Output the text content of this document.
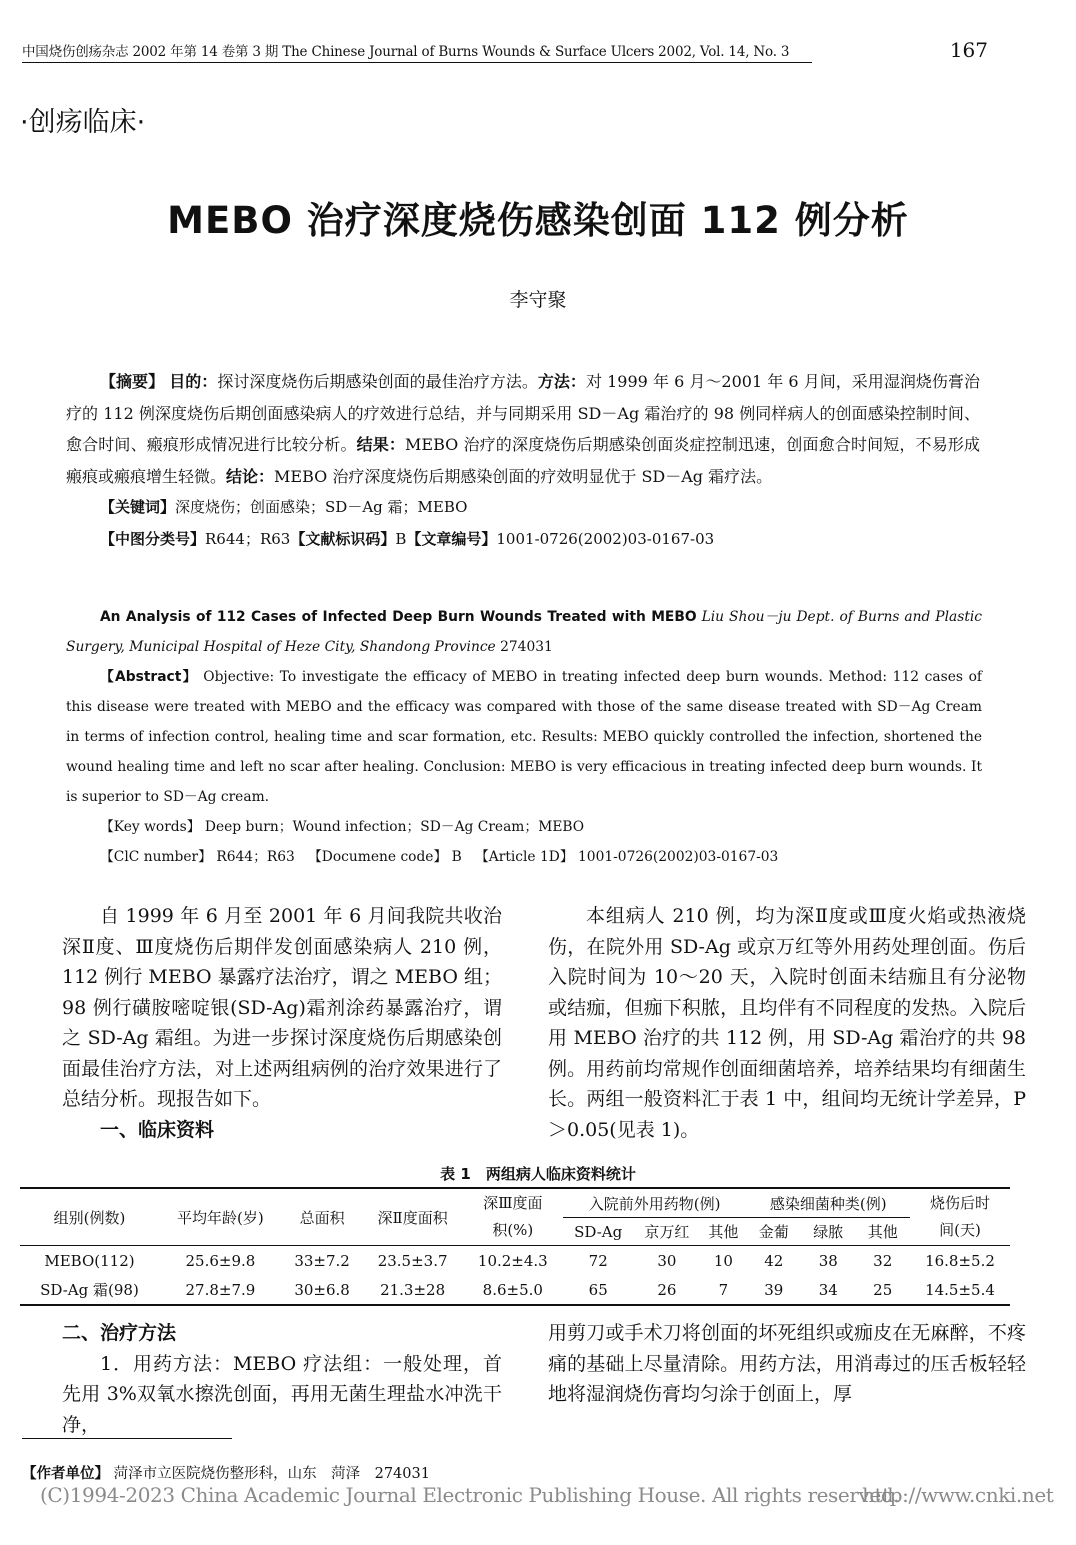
中国烧伤创疡杂志 2002 年第 14 卷第 3 期 The Chinese Journal of Burns Wounds & Surface Ulcers 2002, Vol. 14, No. 3	167
·创疡临床·
MEBO 治疗深度烧伤感染创面 112 例分析
李守聚

【摘要】 目的：探讨深度烧伤后期感染创面的最佳治疗方法。方法：对 1999 年 6 月～2001 年 6 月间，采用湿润烧伤膏治疗的 112 例深度烧伤后期创面感染病人的疗效进行总结，并与同期采用 SD－Ag 霜治疗的 98 例同样病人的创面感染控制时间、愈合时间、瘢痕形成情况进行比较分析。结果：MEBO 治疗的深度烧伤后期感染创面炎症控制迅速，创面愈合时间短，不易形成瘢痕或瘢痕增生轻微。结论：MEBO 治疗深度烧伤后期感染创面的疗效明显优于 SD－Ag 霜疗法。

【关键词】深度烧伤；创面感染；SD－Ag 霜；MEBO

【中图分类号】R644；R63【文献标识码】B【文章编号】1001-0726(2002)03-0167-03

An Analysis of 112 Cases of Infected Deep Burn Wounds Treated with MEBO Liu Shou－ju Dept. of Burns and Plastic Surgery, Municipal Hospital of Heze City, Shandong Province 274031

【Abstract】 Objective: To investigate the efficacy of MEBO in treating infected deep burn wounds. Method: 112 cases of this disease were treated with MEBO and the efficacy was compared with those of the same disease treated with SD－Ag Cream in terms of infection control, healing time and scar formation, etc. Results: MEBO quickly controlled the infection, shortened the wound healing time and left no scar after healing. Conclusion: MEBO is very efficacious in treating infected deep burn wounds. It is superior to SD－Ag cream.

【Key words】 Deep burn；Wound infection；SD－Ag Cream；MEBO

【ClC number】 R644；R63 【Documene code】 B 【Article 1D】 1001-0726(2002)03-0167-03

自 1999 年 6 月至 2001 年 6 月间我院共收治深Ⅱ度、Ⅲ度烧伤后期伴发创面感染病人 210 例，112 例行 MEBO 暴露疗法治疗，谓之 MEBO 组；98 例行磺胺嘧啶银(SD-Ag)霜剂涂药暴露治疗，谓之 SD-Ag 霜组。为进一步探讨深度烧伤后期感染创面最佳治疗方法，对上述两组病例的治疗效果进行了总结分析。现报告如下。

一、临床资料

本组病人 210 例，均为深Ⅱ度或Ⅲ度火焰或热液烧伤，在院外用 SD-Ag 或京万红等外用药处理创面。伤后入院时间为 10～20 天，入院时创面未结痂且有分泌物或结痂，但痂下积脓，且均伴有不同程度的发热。入院后用 MEBO 治疗的共 112 例，用 SD-Ag 霜治疗的共 98 例。用药前均常规作创面细菌培养，培养结果均有细菌生长。两组一般资料汇于表 1 中，组间均无统计学差异，P＞0.05(见表 1)。

表 1　两组病人临床资料统计
组别(例数)	平均年龄(岁)	总面积	深Ⅱ度面积	深Ⅲ度面
积(%)	入院前外用药物(例)			感染细菌种类(例)			烧伤后时
间(天)
					SD-Ag	京万红	其他	金葡	绿脓	其他	
MEBO(112)	25.6±9.8	33±7.2	23.5±3.7	10.2±4.3	72	30	10	42	38	32	16.8±5.2
SD-Ag 霜(98)	27.8±7.9	30±6.8	21.3±28	8.6±5.0	65	26	7	39	34	25	14.5±5.4

二、治疗方法

1．用药方法：MEBO 疗法组：一般处理，首先用 3%双氧水擦洗创面，再用无菌生理盐水冲洗干净，

用剪刀或手术刀将创面的坏死组织或痂皮在无麻醉，不疼痛的基础上尽量清除。用药方法，用消毒过的压舌板轻轻地将湿润烧伤膏均匀涂于创面上，厚

【作者单位】 菏泽市立医院烧伤整形科，山东　菏泽　274031
(C)1994-2023 China Academic Journal Electronic Publishing House. All rights reserved.
http://www.cnki.net
